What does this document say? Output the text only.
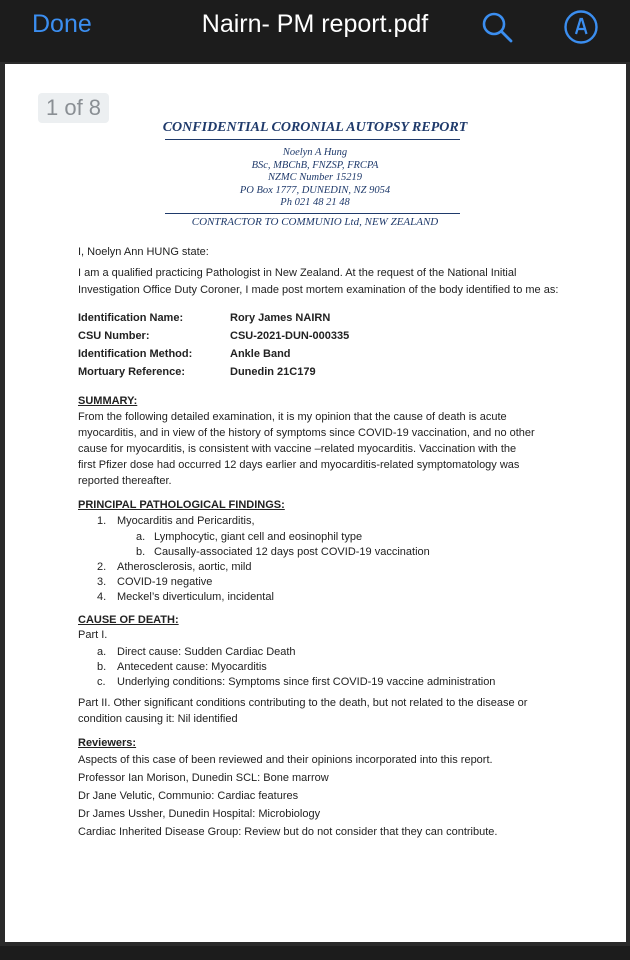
Done	Nairn- PM report.pdf
1 of 8
CONFIDENTIAL CORONIAL AUTOPSY REPORT
Noelyn A Hung
BSc, MBChB, FNZSP, FRCPA
NZMC Number 15219
PO Box 1777, DUNEDIN, NZ 9054
Ph 021 48 21 48
CONTRACTOR TO COMMUNIO Ltd, NEW ZEALAND
I, Noelyn Ann HUNG state:
I am a qualified practicing Pathologist in New Zealand. At the request of the National Initial
Investigation Office Duty Coroner, I made post mortem examination of the body identified to me as:
Identification Name:	Rory James NAIRN
CSU Number:	CSU-2021-DUN-000335
Identification Method:	Ankle Band
Mortuary Reference:	Dunedin 21C179
SUMMARY:
From the following detailed examination, it is my opinion that the cause of death is acute
myocarditis, and in view of the history of symptoms since COVID-19 vaccination, and no other
cause for myocarditis, is consistent with vaccine –related myocarditis. Vaccination with the
first Pfizer dose had occurred 12 days earlier and myocarditis-related symptomatology was
reported thereafter.
PRINCIPAL PATHOLOGICAL FINDINGS:
1. Myocarditis and Pericarditis,
a. Lymphocytic, giant cell and eosinophil type
b. Causally-associated 12 days post COVID-19 vaccination
2. Atherosclerosis, aortic, mild
3. COVID-19 negative
4. Meckel’s diverticulum, incidental
CAUSE OF DEATH:
Part I.
a. Direct cause: Sudden Cardiac Death
b. Antecedent cause: Myocarditis
c. Underlying conditions: Symptoms since first COVID-19 vaccine administration
Part II. Other significant conditions contributing to the death, but not related to the disease or
condition causing it: Nil identified
Reviewers:
Aspects of this case of been reviewed and their opinions incorporated into this report.
Professor Ian Morison, Dunedin SCL: Bone marrow
Dr Jane Velutic, Communio: Cardiac features
Dr James Ussher, Dunedin Hospital: Microbiology
Cardiac Inherited Disease Group: Review but do not consider that they can contribute.
